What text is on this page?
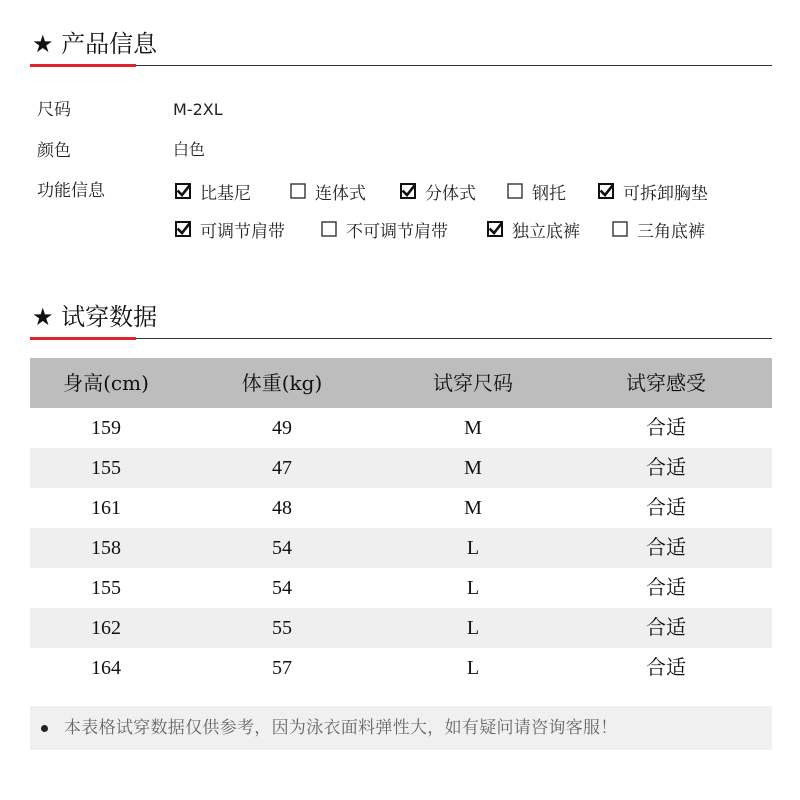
★ 产品信息
尺码	M-2XL
颜色	白色
功能信息	比基尼	连体式	分体式	钢托	可拆卸胸垫
可调节肩带	不可调节肩带	独立底裤	三角底裤
★ 试穿数据
身高(cm)	体重(kg)	试穿尺码	试穿感受
159	49	M	合适
155	47	M	合适
161	48	M	合适
158	54	L	合适
155	54	L	合适
162	55	L	合适
164	57	L	合适
本表格试穿数据仅供参考，因为泳衣面料弹性大，如有疑问请咨询客服！
